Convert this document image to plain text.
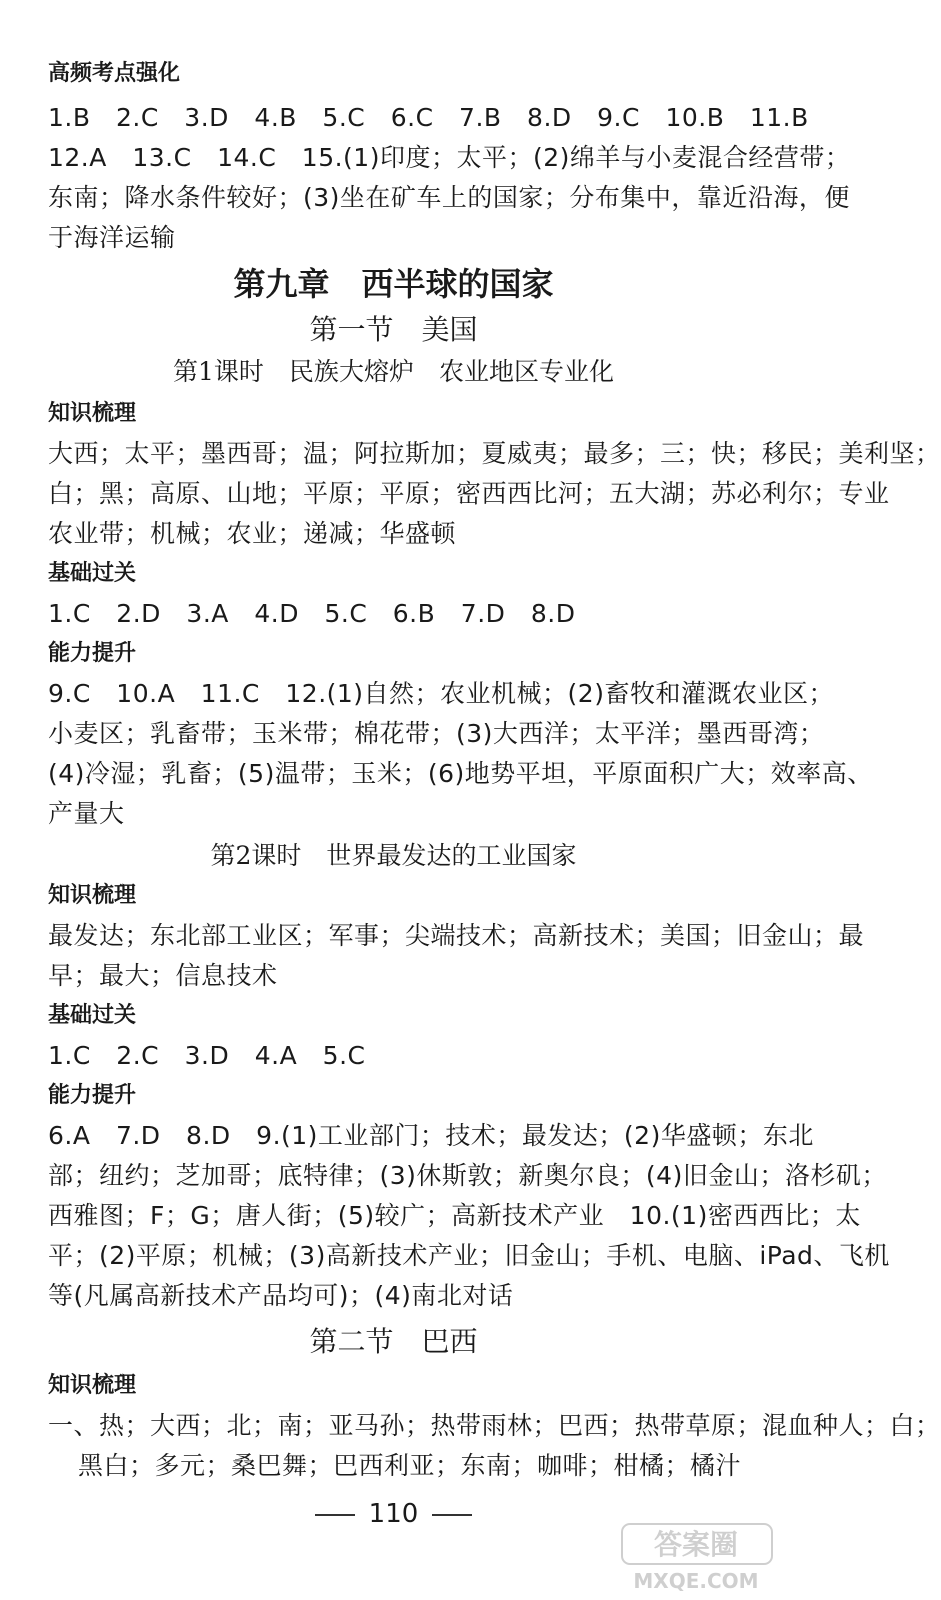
高频考点强化
1.B　2.C　3.D　4.B　5.C　6.C　7.B　8.D　9.C　10.B　11.B
12.A　13.C　14.C　15.(1)印度；太平；(2)绵羊与小麦混合经营带；
东南；降水条件较好；(3)坐在矿车上的国家；分布集中，靠近沿海，便
于海洋运输
第九章　西半球的国家
第一节　美国
第1课时　民族大熔炉　农业地区专业化
知识梳理
大西；太平；墨西哥；温；阿拉斯加；夏威夷；最多；三；快；移民；美利坚；
白；黑；高原、山地；平原；平原；密西西比河；五大湖；苏必利尔；专业
农业带；机械；农业；递减；华盛顿
基础过关
1.C　2.D　3.A　4.D　5.C　6.B　7.D　8.D
能力提升
9.C　10.A　11.C　12.(1)自然；农业机械；(2)畜牧和灌溉农业区；
小麦区；乳畜带；玉米带；棉花带；(3)大西洋；太平洋；墨西哥湾；
(4)冷湿；乳畜；(5)温带；玉米；(6)地势平坦，平原面积广大；效率高、
产量大
第2课时　世界最发达的工业国家
知识梳理
最发达；东北部工业区；军事；尖端技术；高新技术；美国；旧金山；最
早；最大；信息技术
基础过关
1.C　2.C　3.D　4.A　5.C
能力提升
6.A　7.D　8.D　9.(1)工业部门；技术；最发达；(2)华盛顿；东北
部；纽约；芝加哥；底特律；(3)休斯敦；新奥尔良；(4)旧金山；洛杉矶；
西雅图；F；G；唐人街；(5)较广；高新技术产业　10.(1)密西西比；太
平；(2)平原；机械；(3)高新技术产业；旧金山；手机、电脑、iPad、飞机
等(凡属高新技术产品均可)；(4)南北对话
第二节　巴西
知识梳理
一、热；大西；北；南；亚马孙；热带雨林；巴西；热带草原；混血种人；白；
黑白；多元；桑巴舞；巴西利亚；东南；咖啡；柑橘；橘汁
110
答案圈
MXQE.COM
